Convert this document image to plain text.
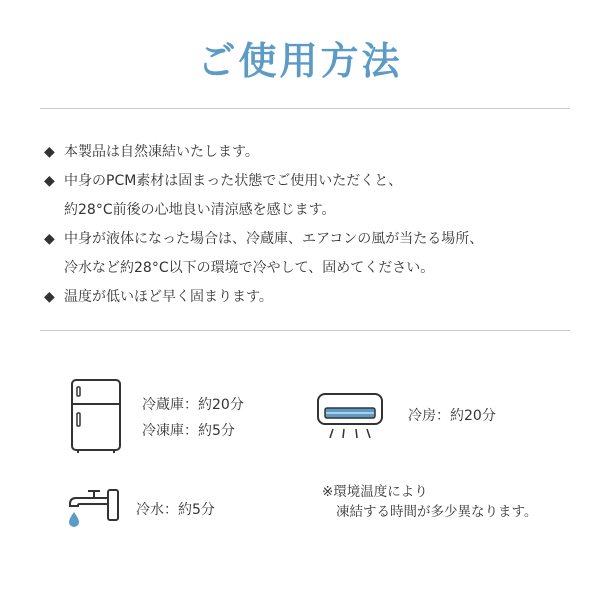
ご使用方法
◆ 本製品は自然凍結いたします。
◆ 中身のPCM素材は固まった状態でご使用いただくと、
約28°C前後の心地良い清涼感を感じます。
◆ 中身が液体になった場合は、冷蔵庫、エアコンの風が当たる場所、
冷水など約28°C以下の環境で冷やして、固めてください。
◆ 温度が低いほど早く固まります。
冷蔵庫：約20分
冷凍庫：約5分
冷房：約20分
冷水：約5分
※環境温度により
凍結する時間が多少異なります。
